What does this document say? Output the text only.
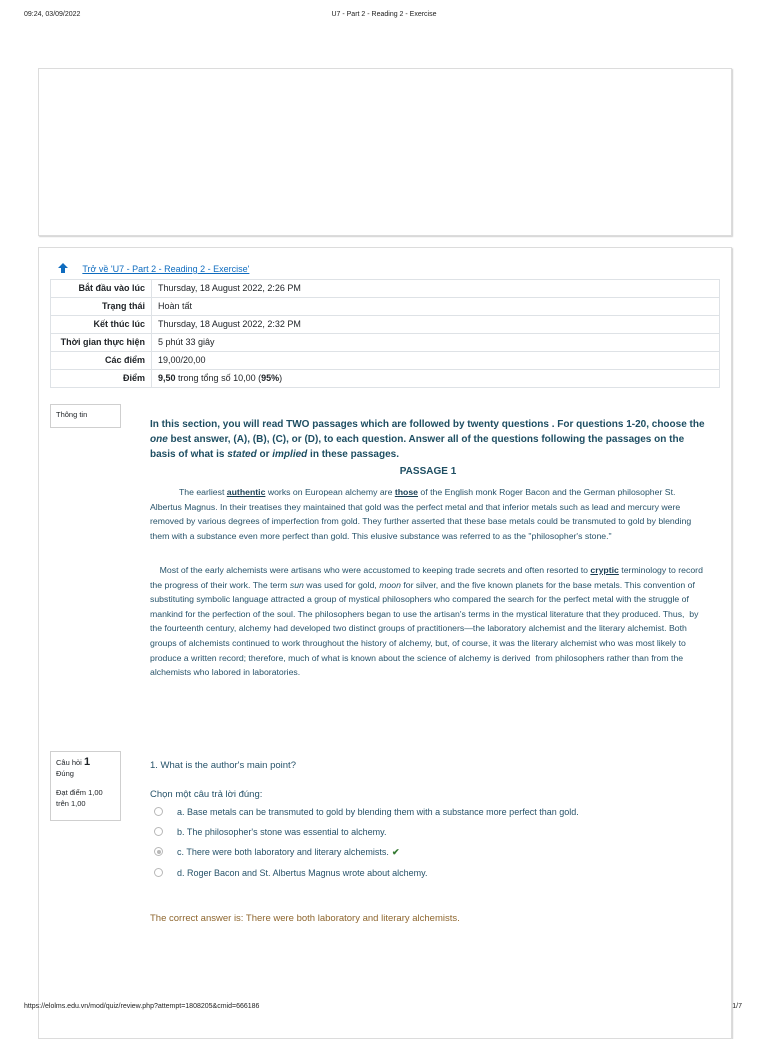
09:24, 03/09/2022	U7 - Part 2 - Reading 2 - Exercise
Trở về 'U7 - Part 2 - Reading 2 - Exercise'
Bắt đầu vào lúc	Thursday, 18 August 2022, 2:26 PM
Trạng thái	Hoàn tất
Kết thúc lúc	Thursday, 18 August 2022, 2:32 PM
Thời gian thực hiện	5 phút 33 giây
Các điểm	19,00/20,00
Điểm	9,50 trong tổng số 10,00 (95%)
Thông tin
In this section, you will read TWO passages which are followed by twenty questions . For questions 1-20, choose the one best answer, (A), (B), (C), or (D), to each question. Answer all of the questions following the passages on the basis of what is stated or implied in these passages.
PASSAGE 1
The earliest authentic works on European alchemy are those of the English monk Roger Bacon and the German philosopher St. Albertus Magnus. In their treatises they maintained that gold was the perfect metal and that inferior metals such as lead and mercury were removed by various degrees of imperfection from gold. They further asserted that these base metals could be transmuted to gold by blending them with a substance even more perfect than gold. This elusive substance was referred to as the "philosopher's stone."
Most of the early alchemists were artisans who were accustomed to keeping trade secrets and often resorted to cryptic terminology to record the progress of their work. The term sun was used for gold, moon for silver, and the five known planets for the base metals. This convention of substituting symbolic language attracted a group of mystical philosophers who compared the search for the perfect metal with the struggle of mankind for the perfection of the soul. The philosophers began to use the artisan's terms in the mystical literature that they produced. Thus,  by the fourteenth century, alchemy had developed two distinct groups of practitioners—the laboratory alchemist and the literary alchemist. Both groups of alchemists continued to work throughout the history of alchemy, but, of course, it was the literary alchemist who was most likely to produce a written record; therefore, much of what is known about the science of alchemy is derived  from philosophers rather than from the alchemists who labored in laboratories.
Câu hỏi 1
Đúng
Đạt điểm 1,00 trên 1,00
1. What is the author's main point?
Chọn một câu trả lời đúng:
a. Base metals can be transmuted to gold by blending them with a substance more perfect than gold.
b. The philosopher's stone was essential to alchemy.
c. There were both laboratory and literary alchemists. ✔
d. Roger Bacon and St. Albertus Magnus wrote about alchemy.
The correct answer is: There were both laboratory and literary alchemists.
https://elolms.edu.vn/mod/quiz/review.php?attempt=1808205&cmid=666186	1/7
